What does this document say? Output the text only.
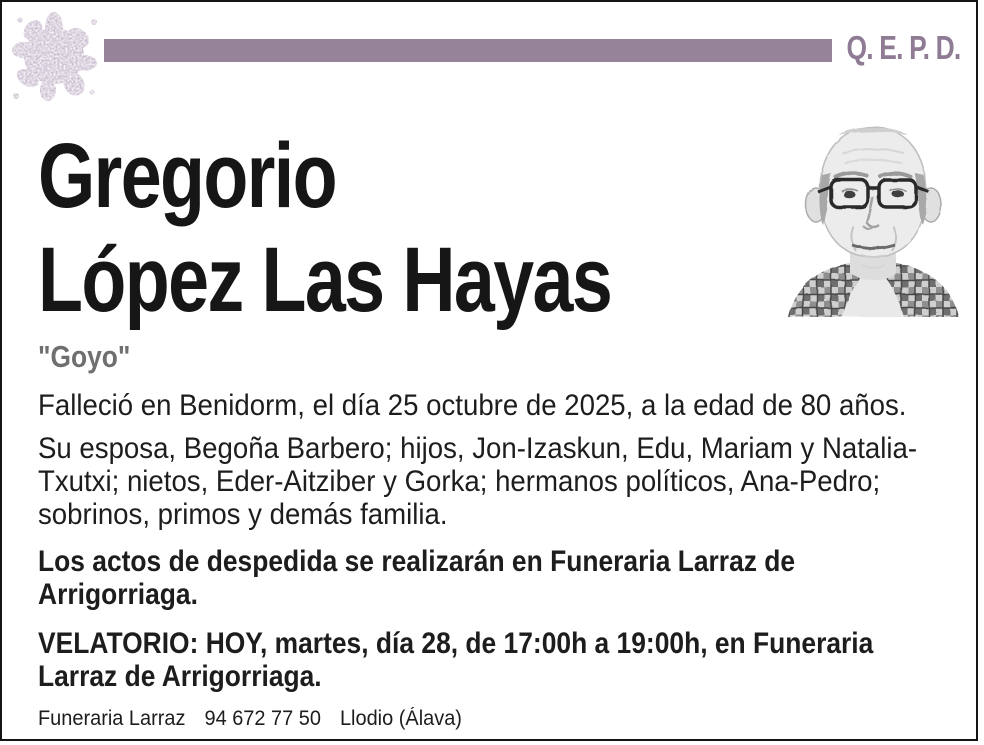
Q. E. P. D.
Gregorio
López Las Hayas
"Goyo"
Falleció en Benidorm, el día 25 octubre de 2025, a la edad de 80 años.
Su esposa, Begoña Barbero; hijos, Jon-Izaskun, Edu, Mariam y Natalia-
Txutxi; nietos, Eder-Aitziber y Gorka; hermanos políticos, Ana-Pedro;
sobrinos, primos y demás familia.
Los actos de despedida se realizarán en Funeraria Larraz de
Arrigorriaga.
VELATORIO: HOY, martes, día 28, de 17:00h a 19:00h, en Funeraria
Larraz de Arrigorriaga.
Funeraria Larraz 94 672 77 50 Llodio (Álava)
